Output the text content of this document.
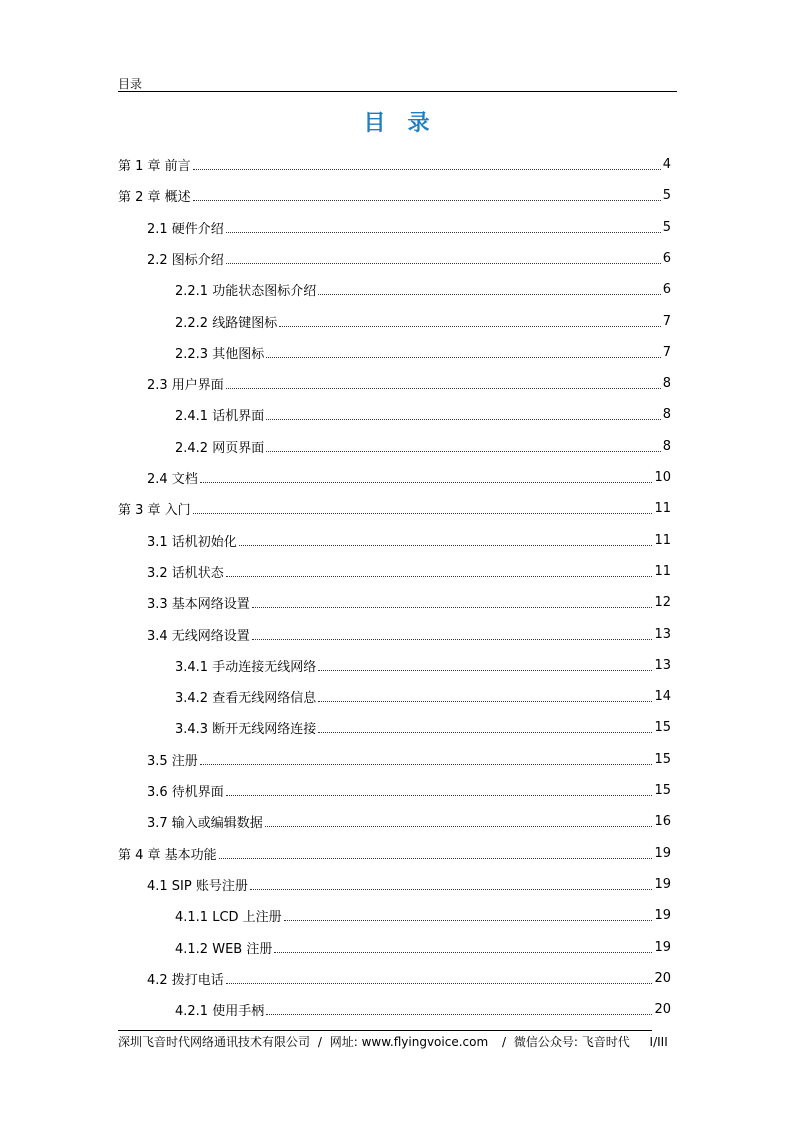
目录
目录
第 1 章 前言	4
第 2 章 概述	5
2.1 硬件介绍	5
2.2 图标介绍	6
2.2.1 功能状态图标介绍	6
2.2.2 线路键图标	7
2.2.3 其他图标	7
2.3 用户界面	8
2.4.1 话机界面	8
2.4.2 网页界面	8
2.4 文档	10
第 3 章 入门	11
3.1 话机初始化	11
3.2 话机状态	11
3.3 基本网络设置	12
3.4 无线网络设置	13
3.4.1 手动连接无线网络	13
3.4.2 查看无线网络信息	14
3.4.3 断开无线网络连接	15
3.5 注册	15
3.6 待机界面	15
3.7 输入或编辑数据	16
第 4 章 基本功能	19
4.1 SIP 账号注册	19
4.1.1 LCD 上注册	19
4.1.2 WEB 注册	19
4.2 拨打电话	20
4.2.1 使用手柄	20
深圳飞音时代网络通讯技术有限公司 / 网址: www.flyingvoice.com / 微信公众号: 飞音时代 I/III
